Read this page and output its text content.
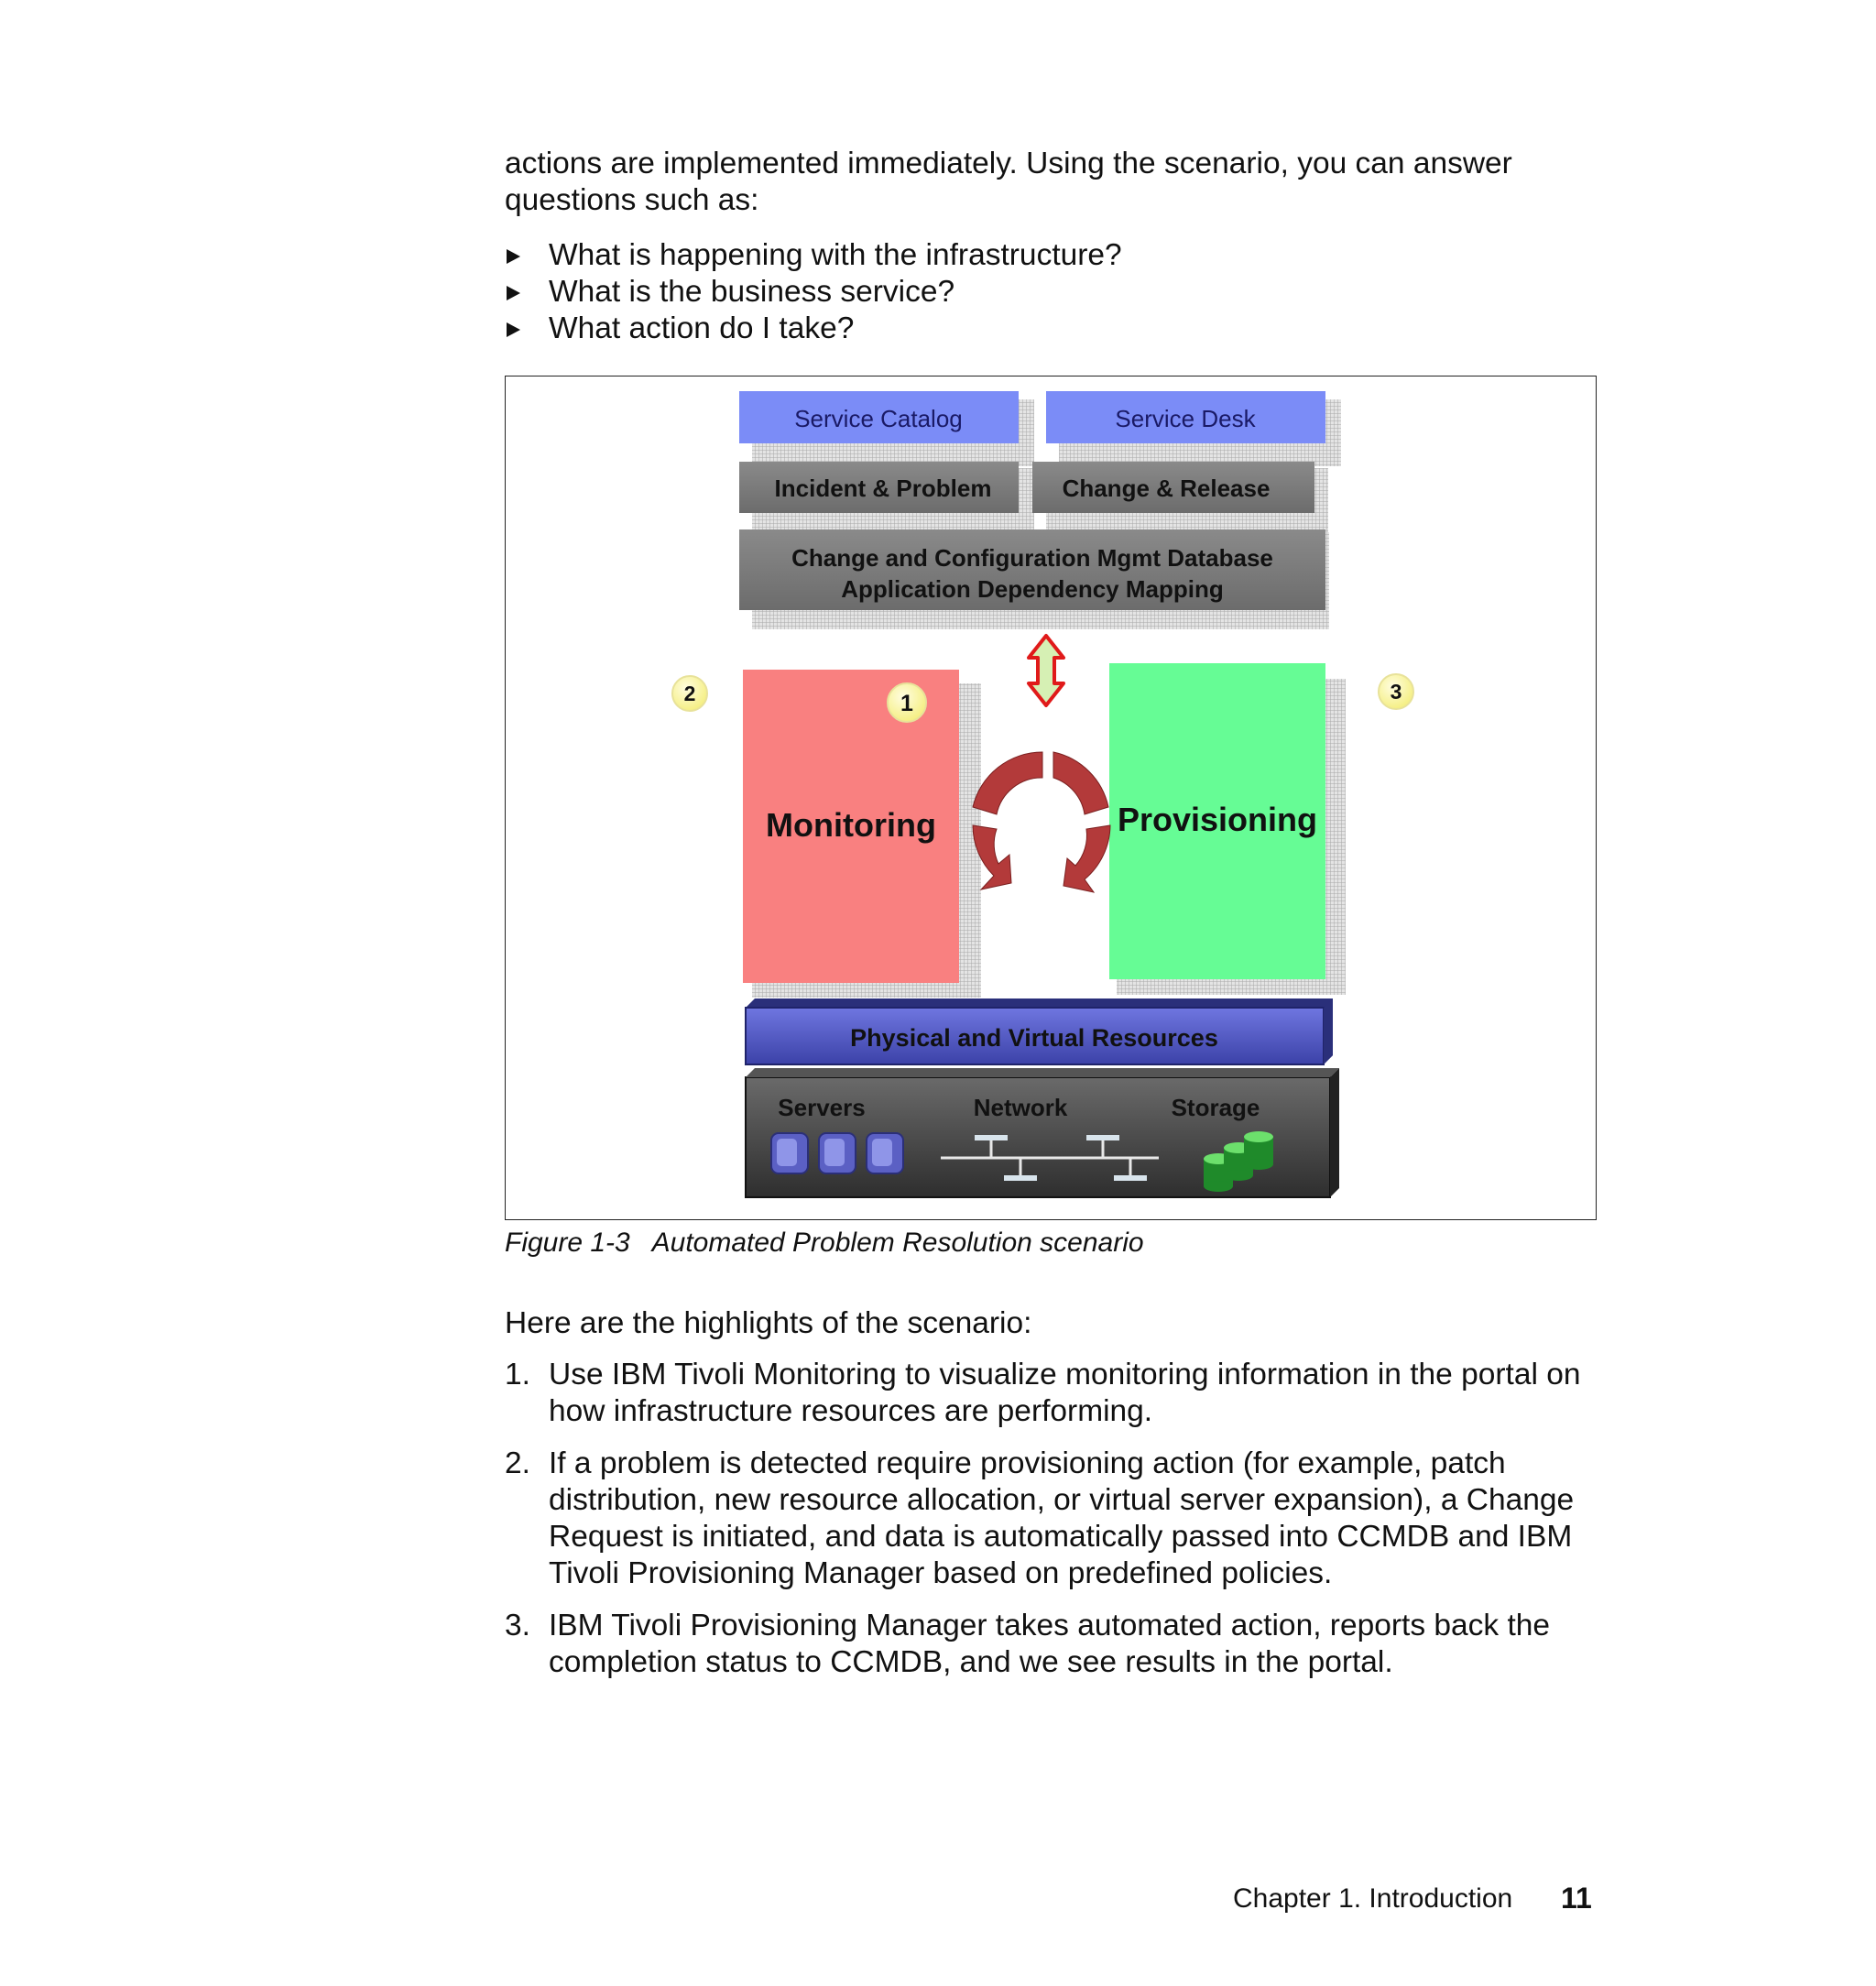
actions are implemented immediately. Using the scenario, you can answer
questions such as:
What is happening with the infrastructure?
What is the business service?
What action do I take?
Service Catalog	Service Desk
Incident & Problem	Change & Release
Change and Configuration Mgmt Database
Application Dependency Mapping
Monitoring	Provisioning
1
2	3
Physical and Virtual Resources
Servers	Network	Storage
Figure 1-3   Automated Problem Resolution scenario
Here are the highlights of the scenario:
1. Use IBM Tivoli Monitoring to visualize monitoring information in the portal on
how infrastructure resources are performing.
2. If a problem is detected require provisioning action (for example, patch
distribution, new resource allocation, or virtual server expansion), a Change
Request is initiated, and data is automatically passed into CCMDB and IBM
Tivoli Provisioning Manager based on predefined policies.
3. IBM Tivoli Provisioning Manager takes automated action, reports back the
completion status to CCMDB, and we see results in the portal.
Chapter 1. Introduction 11
